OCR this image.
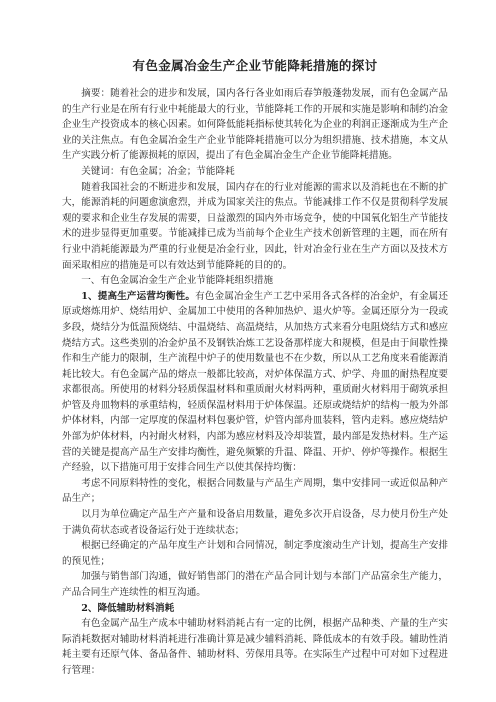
有色金属冶金生产企业节能降耗措施的探讨

摘要：随着社会的进步和发展，国内各行各业如雨后春笋般蓬勃发展，而有色金属产品的生产行业是在所有行业中耗能最大的行业，节能降耗工作的开展和实施是影响和制约冶金企业生产投资成本的核心因素。如何降低能耗指标使其转化为企业的利润正逐渐成为生产企业的关注焦点。有色金属冶金生产企业节能降耗措施可以分为组织措施、技术措施，本文从生产实践分析了能源损耗的原因，提出了有色金属冶金生产企业节能降耗措施。

关键词：有色金属；冶金；节能降耗

随着我国社会的不断进步和发展，国内存在的行业对能源的需求以及消耗也在不断的扩大，能源消耗的问题愈演愈烈，并成为国家关注的焦点。节能减排工作不仅是贯彻科学发展观的要求和企业生存发展的需要，日益激烈的国内外市场竞争，使的中国氧化铝生产节能技术的进步显得更加重要。节能减排已成为当前每个企业生产技术创新管理的主题，而在所有行业中消耗能源最为严重的行业便是冶金行业，因此，针对冶金行业在生产方面以及技术方面采取相应的措施是可以有效达到节能降耗的目的的。

一、有色金属冶金生产企业节能降耗组织措施

1、提高生产运营均衡性。有色金属冶金生产工艺中采用各式各样的冶金炉，有金属还原或熔炼用炉、烧结用炉、金属加工中使用的各种加热炉、退火炉等。金属还原分为一段或多段，烧结分为低温预烧结、中温烧结、高温烧结，从加热方式来看分电阻烧结方式和感应烧结方式。这些类别的冶金炉虽不及钢铁冶炼工艺设备那样庞大和规模，但是由于间歇性操作和生产能力的限制，生产流程中炉子的使用数量也不在少数，所以从工艺角度来看能源消耗比较大。有色金属产品的熔点一般都比较高，对炉体保温方式、炉学、舟皿的耐热程度要求都很高。所使用的材料分轻质保温材料和重质耐火材料两种，重质耐火材料用于砌筑承担炉管及舟皿物料的承重结构，轻质保温材料用于炉体保温。还原或烧结炉的结构一般为外部炉体材料，内部一定厚度的保温材料包裹炉管，炉管内部舟皿装料，管内走料。感应烧结炉外部为炉体材料，内衬耐火材料，内部为感应材料及冷却装置，最内部是发热材料。生产运营的关键是提高产品生产安排均衡性，避免频繁的升温、降温、开炉、停炉等操作。根据生产经验，以下措施可用于安排合同生产以使其保持均衡：

考虑不同原料特性的变化，根据合同数量与产品生产周期，集中安排同一或近似品种产品生产；

以月为单位确定产品生产产量和设备启用数量，避免多次开启设备，尽力使月份生产处于满负荷状态或者设备运行处于连续状态；

根据已经确定的产品年度生产计划和合同情况，制定季度滚动生产计划，提高生产安排的预见性；

加强与销售部门沟通，做好销售部门的潜在产品合同计划与本部门产品富余生产能力，产品合同生产连续性的相互沟通。

2、降低辅助材料消耗

有色金属产品生产成本中辅助材料消耗占有一定的比例，根据产品种类、产量的生产实际消耗数据对辅助材料消耗进行准确计算是减少辅料消耗、降低成本的有效手段。辅助性消耗主要有还原气体、备品备件、辅助材料、劳保用具等。在实际生产过程中可对如下过程进行管理：
